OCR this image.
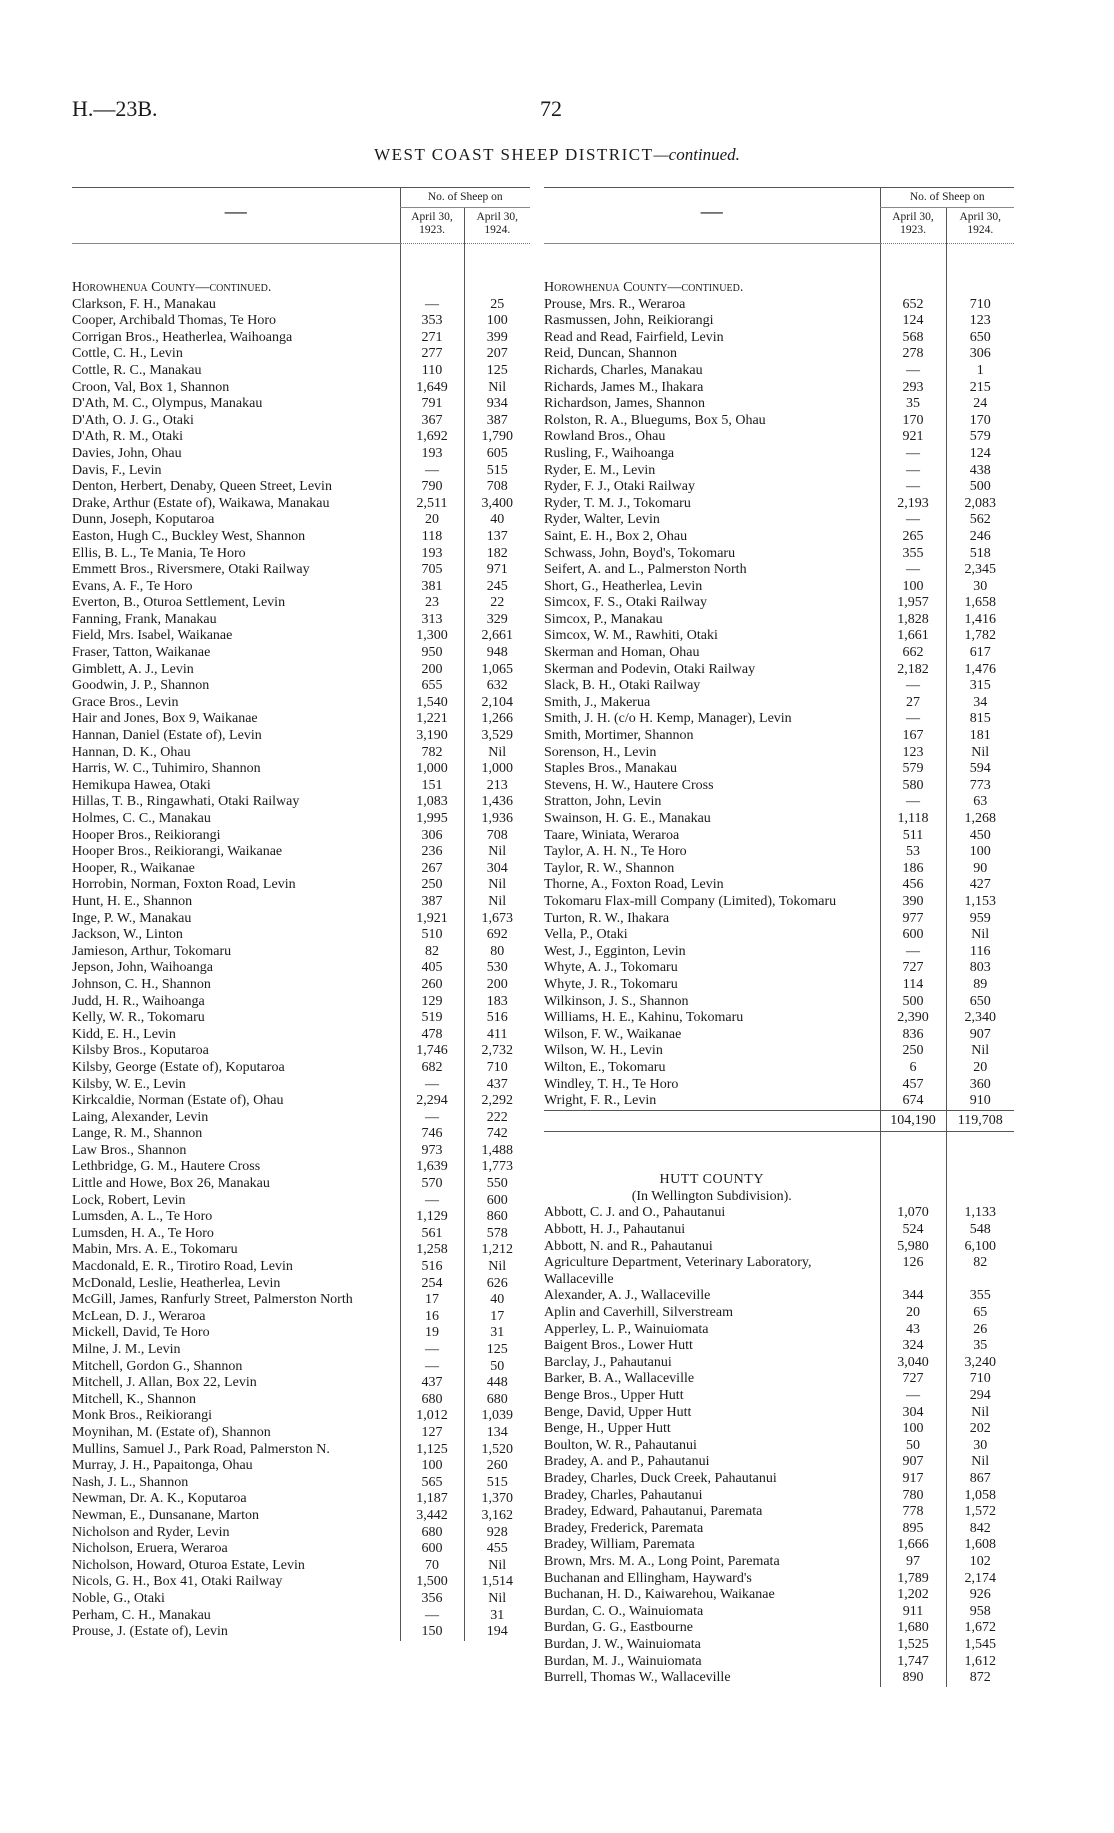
H.—23B.	72
WEST COAST SHEEP DISTRICT—continued.
—	No. of Sheep on	
	April 30, 1923.	April 30, 1924.
Horowhenua County—continued.		
Clarkson, F. H., Manakau	—	25
Cooper, Archibald Thomas, Te Horo	353	100
Corrigan Bros., Heatherlea, Waihoanga	271	399
Cottle, C. H., Levin	277	207
Cottle, R. C., Manakau	110	125
Croon, Val, Box 1, Shannon	1,649	Nil
D'Ath, M. C., Olympus, Manakau	791	934
D'Ath, O. J. G., Otaki	367	387
D'Ath, R. M., Otaki	1,692	1,790
Davies, John, Ohau	193	605
Davis, F., Levin	—	515
Denton, Herbert, Denaby, Queen Street, Levin	790	708
Drake, Arthur (Estate of), Waikawa, Manakau	2,511	3,400
Dunn, Joseph, Koputaroa	20	40
Easton, Hugh C., Buckley West, Shannon	118	137
Ellis, B. L., Te Mania, Te Horo	193	182
Emmett Bros., Riversmere, Otaki Railway	705	971
Evans, A. F., Te Horo	381	245
Everton, B., Oturoa Settlement, Levin	23	22
Fanning, Frank, Manakau	313	329
Field, Mrs. Isabel, Waikanae	1,300	2,661
Fraser, Tatton, Waikanae	950	948
Gimblett, A. J., Levin	200	1,065
Goodwin, J. P., Shannon	655	632
Grace Bros., Levin	1,540	2,104
Hair and Jones, Box 9, Waikanae	1,221	1,266
Hannan, Daniel (Estate of), Levin	3,190	3,529
Hannan, D. K., Ohau	782	Nil
Harris, W. C., Tuhimiro, Shannon	1,000	1,000
Hemikupa Hawea, Otaki	151	213
Hillas, T. B., Ringawhati, Otaki Railway	1,083	1,436
Holmes, C. C., Manakau	1,995	1,936
Hooper Bros., Reikiorangi	306	708
Hooper Bros., Reikiorangi, Waikanae	236	Nil
Hooper, R., Waikanae	267	304
Horrobin, Norman, Foxton Road, Levin	250	Nil
Hunt, H. E., Shannon	387	Nil
Inge, P. W., Manakau	1,921	1,673
Jackson, W., Linton	510	692
Jamieson, Arthur, Tokomaru	82	80
Jepson, John, Waihoanga	405	530
Johnson, C. H., Shannon	260	200
Judd, H. R., Waihoanga	129	183
Kelly, W. R., Tokomaru	519	516
Kidd, E. H., Levin	478	411
Kilsby Bros., Koputaroa	1,746	2,732
Kilsby, George (Estate of), Koputaroa	682	710
Kilsby, W. E., Levin	—	437
Kirkcaldie, Norman (Estate of), Ohau	2,294	2,292
Laing, Alexander, Levin	—	222
Lange, R. M., Shannon	746	742
Law Bros., Shannon	973	1,488
Lethbridge, G. M., Hautere Cross	1,639	1,773
Little and Howe, Box 26, Manakau	570	550
Lock, Robert, Levin	—	600
Lumsden, A. L., Te Horo	1,129	860
Lumsden, H. A., Te Horo	561	578
Mabin, Mrs. A. E., Tokomaru	1,258	1,212
Macdonald, E. R., Tirotiro Road, Levin	516	Nil
McDonald, Leslie, Heatherlea, Levin	254	626
McGill, James, Ranfurly Street, Palmerston North	17	40
McLean, D. J., Weraroa	16	17
Mickell, David, Te Horo	19	31
Milne, J. M., Levin	—	125
Mitchell, Gordon G., Shannon	—	50
Mitchell, J. Allan, Box 22, Levin	437	448
Mitchell, K., Shannon	680	680
Monk Bros., Reikiorangi	1,012	1,039
Moynihan, M. (Estate of), Shannon	127	134
Mullins, Samuel J., Park Road, Palmerston N.	1,125	1,520
Murray, J. H., Papaitonga, Ohau	100	260
Nash, J. L., Shannon	565	515
Newman, Dr. A. K., Koputaroa	1,187	1,370
Newman, E., Dunsanane, Marton	3,442	3,162
Nicholson and Ryder, Levin	680	928
Nicholson, Eruera, Weraroa	600	455
Nicholson, Howard, Oturoa Estate, Levin	70	Nil
Nicols, G. H., Box 41, Otaki Railway	1,500	1,514
Noble, G., Otaki	356	Nil
Perham, C. H., Manakau	—	31
Prouse, J. (Estate of), Levin	150	194
—	No. of Sheep on	
	April 30, 1923.	April 30, 1924.
Horowhenua County—continued.		
Prouse, Mrs. R., Weraroa	652	710
Rasmussen, John, Reikiorangi	124	123
Read and Read, Fairfield, Levin	568	650
Reid, Duncan, Shannon	278	306
Richards, Charles, Manakau	—	1
Richards, James M., Ihakara	293	215
Richardson, James, Shannon	35	24
Rolston, R. A., Bluegums, Box 5, Ohau	170	170
Rowland Bros., Ohau	921	579
Rusling, F., Waihoanga	—	124
Ryder, E. M., Levin	—	438
Ryder, F. J., Otaki Railway	—	500
Ryder, T. M. J., Tokomaru	2,193	2,083
Ryder, Walter, Levin	—	562
Saint, E. H., Box 2, Ohau	265	246
Schwass, John, Boyd's, Tokomaru	355	518
Seifert, A. and L., Palmerston North	—	2,345
Short, G., Heatherlea, Levin	100	30
Simcox, F. S., Otaki Railway	1,957	1,658
Simcox, P., Manakau	1,828	1,416
Simcox, W. M., Rawhiti, Otaki	1,661	1,782
Skerman and Homan, Ohau	662	617
Skerman and Podevin, Otaki Railway	2,182	1,476
Slack, B. H., Otaki Railway	—	315
Smith, J., Makerua	27	34
Smith, J. H. (c/o H. Kemp, Manager), Levin	—	815
Smith, Mortimer, Shannon	167	181
Sorenson, H., Levin	123	Nil
Staples Bros., Manakau	579	594
Stevens, H. W., Hautere Cross	580	773
Stratton, John, Levin	—	63
Swainson, H. G. E., Manakau	1,118	1,268
Taare, Winiata, Weraroa	511	450
Taylor, A. H. N., Te Horo	53	100
Taylor, R. W., Shannon	186	90
Thorne, A., Foxton Road, Levin	456	427
Tokomaru Flax-mill Company (Limited), Tokomaru	390	1,153
Turton, R. W., Ihakara	977	959
Vella, P., Otaki	600	Nil
West, J., Egginton, Levin	—	116
Whyte, A. J., Tokomaru	727	803
Whyte, J. R., Tokomaru	114	89
Wilkinson, J. S., Shannon	500	650
Williams, H. E., Kahinu, Tokomaru	2,390	2,340
Wilson, F. W., Waikanae	836	907
Wilson, W. H., Levin	250	Nil
Wilton, E., Tokomaru	6	20
Windley, T. H., Te Horo	457	360
Wright, F. R., Levin	674	910
	104,190	119,708
HUTT COUNTY		
(In Wellington Subdivision).		
Abbott, C. J. and O., Pahautanui	1,070	1,133
Abbott, H. J., Pahautanui	524	548
Abbott, N. and R., Pahautanui	5,980	6,100
Agriculture Department, Veterinary Laboratory, Wallaceville	126	82
Alexander, A. J., Wallaceville	344	355
Aplin and Caverhill, Silverstream	20	65
Apperley, L. P., Wainuiomata	43	26
Baigent Bros., Lower Hutt	324	35
Barclay, J., Pahautanui	3,040	3,240
Barker, B. A., Wallaceville	727	710
Benge Bros., Upper Hutt	—	294
Benge, David, Upper Hutt	304	Nil
Benge, H., Upper Hutt	100	202
Boulton, W. R., Pahautanui	50	30
Bradey, A. and P., Pahautanui	907	Nil
Bradey, Charles, Duck Creek, Pahautanui	917	867
Bradey, Charles, Pahautanui	780	1,058
Bradey, Edward, Pahautanui, Paremata	778	1,572
Bradey, Frederick, Paremata	895	842
Bradey, William, Paremata	1,666	1,608
Brown, Mrs. M. A., Long Point, Paremata	97	102
Buchanan and Ellingham, Hayward's	1,789	2,174
Buchanan, H. D., Kaiwarehou, Waikanae	1,202	926
Burdan, C. O., Wainuiomata	911	958
Burdan, G. G., Eastbourne	1,680	1,672
Burdan, J. W., Wainuiomata	1,525	1,545
Burdan, M. J., Wainuiomata	1,747	1,612
Burrell, Thomas W., Wallaceville	890	872
